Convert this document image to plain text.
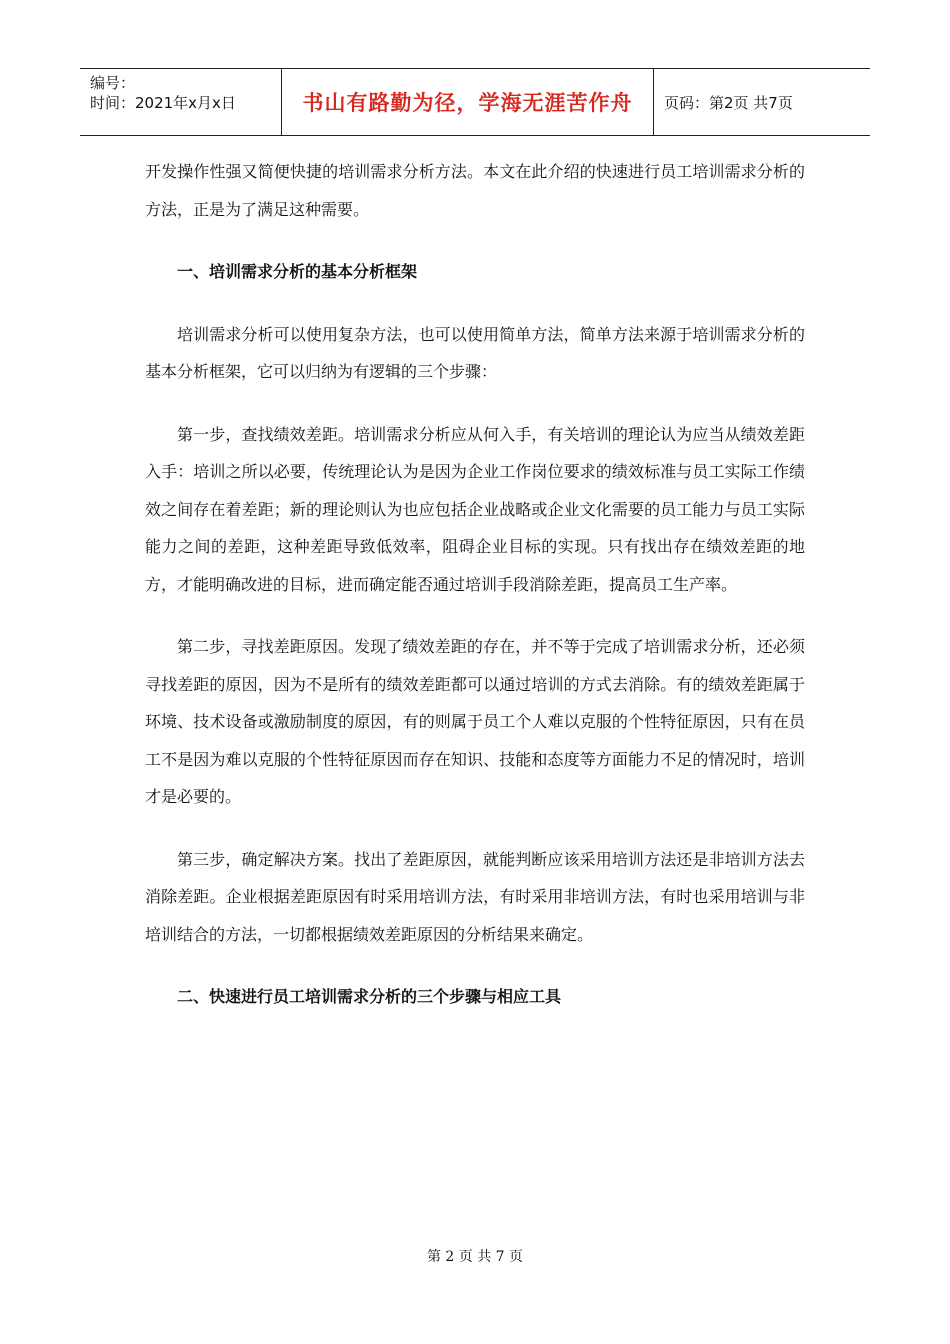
编号：
时间：2021年x月x日	书山有路勤为径，学海无涯苦作舟	页码：第2页 共7页

开发操作性强又简便快捷的培训需求分析方法。本文在此介绍的快速进行员工培训需求分析的方法，正是为了满足这种需要。

一、培训需求分析的基本分析框架

培训需求分析可以使用复杂方法，也可以使用简单方法，简单方法来源于培训需求分析的基本分析框架，它可以归纳为有逻辑的三个步骤：

第一步，查找绩效差距。培训需求分析应从何入手，有关培训的理论认为应当从绩效差距入手：培训之所以必要，传统理论认为是因为企业工作岗位要求的绩效标准与员工实际工作绩效之间存在着差距；新的理论则认为也应包括企业战略或企业文化需要的员工能力与员工实际能力之间的差距，这种差距导致低效率，阻碍企业目标的实现。只有找出存在绩效差距的地方，才能明确改进的目标，进而确定能否通过培训手段消除差距，提高员工生产率。

第二步，寻找差距原因。发现了绩效差距的存在，并不等于完成了培训需求分析，还必须寻找差距的原因，因为不是所有的绩效差距都可以通过培训的方式去消除。有的绩效差距属于环境、技术设备或激励制度的原因，有的则属于员工个人难以克服的个性特征原因，只有在员工不是因为难以克服的个性特征原因而存在知识、技能和态度等方面能力不足的情况时，培训才是必要的。

第三步，确定解决方案。找出了差距原因，就能判断应该采用培训方法还是非培训方法去消除差距。企业根据差距原因有时采用培训方法，有时采用非培训方法，有时也采用培训与非培训结合的方法，一切都根据绩效差距原因的分析结果来确定。

二、快速进行员工培训需求分析的三个步骤与相应工具

第 2 页 共 7 页
